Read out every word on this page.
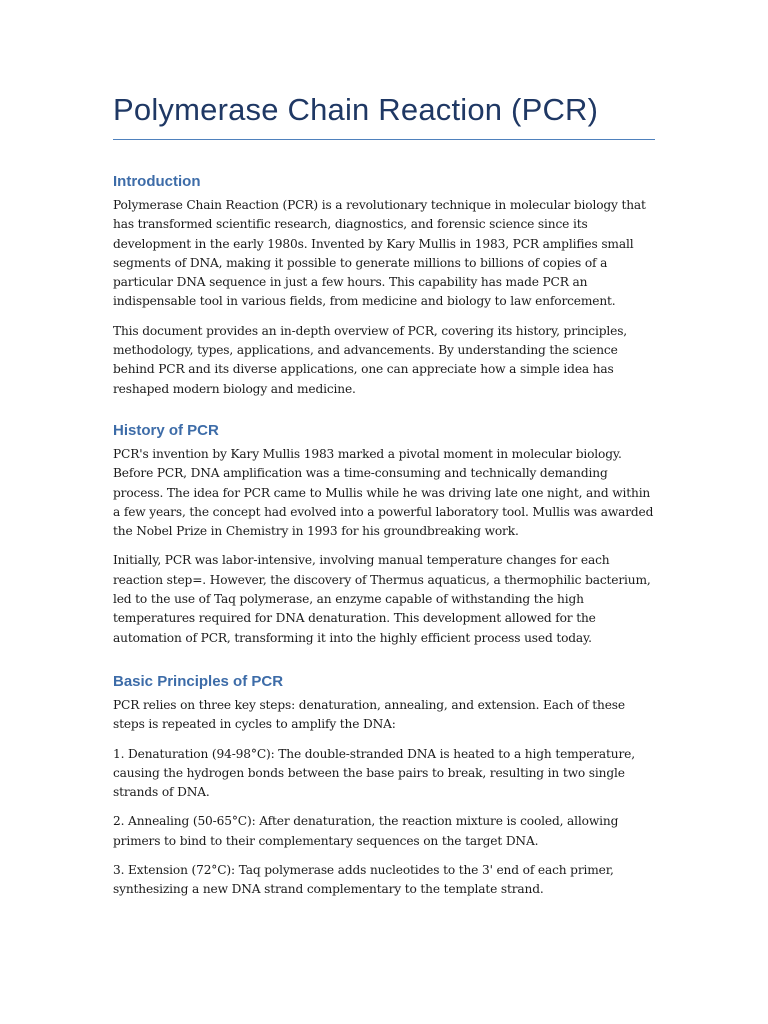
Polymerase Chain Reaction (PCR)
Introduction

Polymerase Chain Reaction (PCR) is a revolutionary technique in molecular biology that has transformed scientific research, diagnostics, and forensic science since its development in the early 1980s. Invented by Kary Mullis in 1983, PCR amplifies small segments of DNA, making it possible to generate millions to billions of copies of a particular DNA sequence in just a few hours. This capability has made PCR an indispensable tool in various fields, from medicine and biology to law enforcement.

This document provides an in-depth overview of PCR, covering its history, principles, methodology, types, applications, and advancements. By understanding the science behind PCR and its diverse applications, one can appreciate how a simple idea has reshaped modern biology and medicine.

History of PCR

PCR's invention by Kary Mullis 1983 marked a pivotal moment in molecular biology. Before PCR, DNA amplification was a time-consuming and technically demanding process. The idea for PCR came to Mullis while he was driving late one night, and within a few years, the concept had evolved into a powerful laboratory tool. Mullis was awarded the Nobel Prize in Chemistry in 1993 for his groundbreaking work.

Initially, PCR was labor-intensive, involving manual temperature changes for each reaction step=. However, the discovery of Thermus aquaticus, a thermophilic bacterium, led to the use of Taq polymerase, an enzyme capable of withstanding the high temperatures required for DNA denaturation. This development allowed for the automation of PCR, transforming it into the highly efficient process used today.

Basic Principles of PCR

PCR relies on three key steps: denaturation, annealing, and extension. Each of these steps is repeated in cycles to amplify the DNA:

1. Denaturation (94-98°C): The double-stranded DNA is heated to a high temperature, causing the hydrogen bonds between the base pairs to break, resulting in two single strands of DNA.

2. Annealing (50-65°C): After denaturation, the reaction mixture is cooled, allowing primers to bind to their complementary sequences on the target DNA.

3. Extension (72°C): Taq polymerase adds nucleotides to the 3' end of each primer, synthesizing a new DNA strand complementary to the template strand.
